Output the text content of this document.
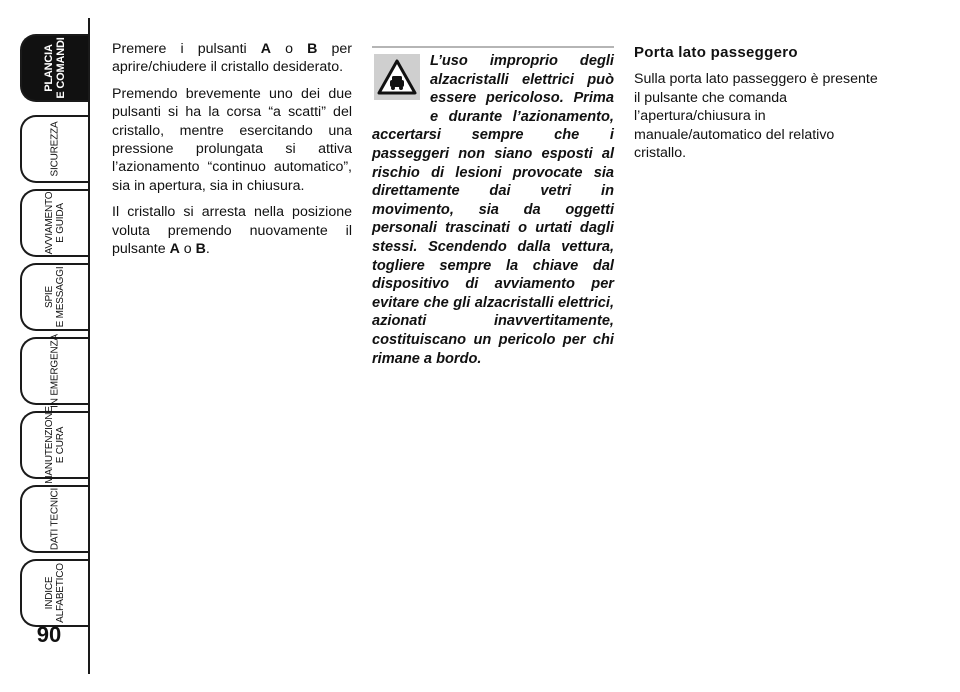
PLANCIA
E COMANDI
SICUREZZA
AVVIAMENTO
E GUIDA
SPIE
E MESSAGGI
IN EMERGENZA
MANUTENZIONE
E CURA
DATI TECNICI
INDICE
ALFABETICO
90

Premere i pulsanti A o B per aprire/chiudere il cristallo desiderato.

Premendo brevemente uno dei due pulsanti si ha la corsa “a scatti” del cristallo, mentre esercitando una pressione prolungata si attiva l’azionamento “continuo automatico”, sia in apertura, sia in chiusura.

Il cristallo si arresta nella posizione voluta premendo nuovamente il pulsante A o B.

L’uso improprio degli alzacristalli elettrici può essere pericoloso. Prima e durante l’azionamento, accertarsi sempre che i passeggeri non siano esposti al rischio di lesioni provocate sia direttamente dai vetri in movimento, sia da oggetti personali trascinati o urtati dagli stessi. Scendendo dalla vettura, togliere sempre la chiave dal dispositivo di avviamento per evitare che gli alzacristalli elettrici, azionati inavvertitamente, costituiscano un pericolo per chi rimane a bordo.
Porta lato passeggero

Sulla porta lato passeggero è presente il pulsante che comanda l’apertura/chiusura in manuale/automatico del relativo cristallo.
